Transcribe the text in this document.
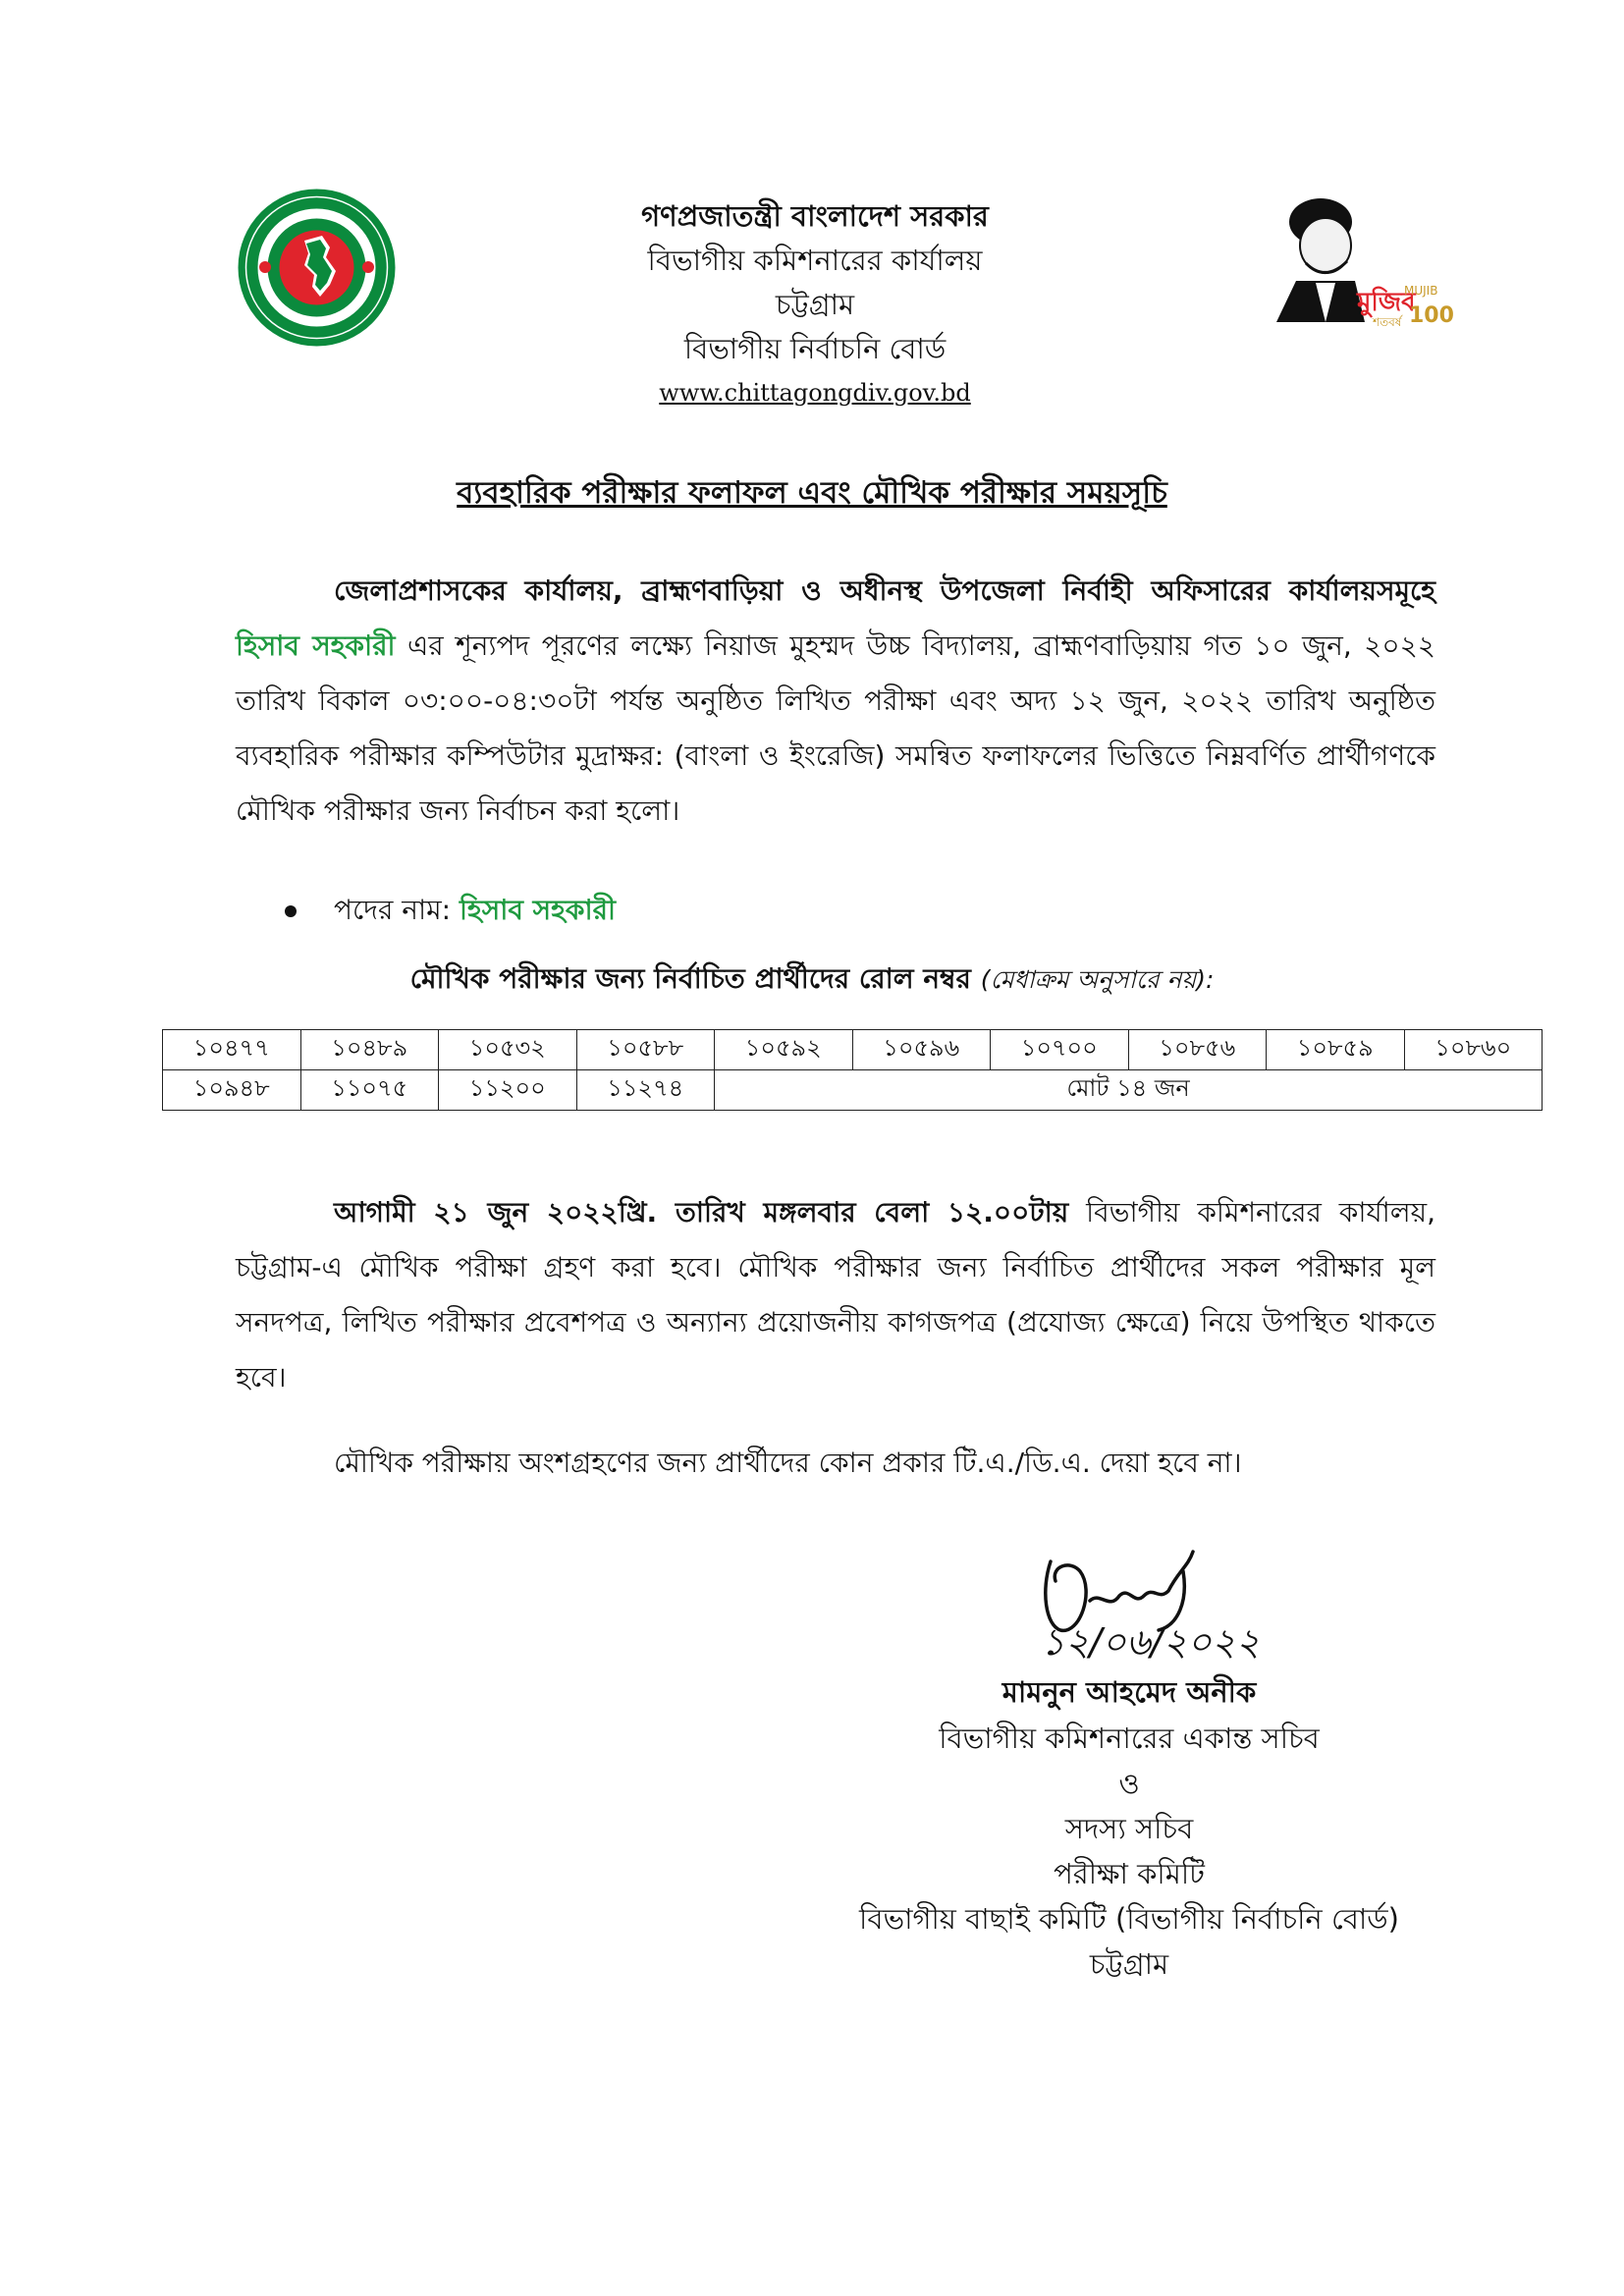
মুজিব
MUJIB
শতবর্ষ 100
গণপ্রজাতন্ত্রী বাংলাদেশ সরকার
বিভাগীয় কমিশনারের কার্যালয়
চট্টগ্রাম
বিভাগীয় নির্বাচনি বোর্ড
www.chittagongdiv.gov.bd
ব্যবহারিক পরীক্ষার ফলাফল এবং মৌখিক পরীক্ষার সময়সূচি
জেলাপ্রশাসকের কার্যালয়, ব্রাহ্মণবাড়িয়া ও অধীনস্থ উপজেলা নির্বাহী অফিসারের কার্যালয়সমূহে হিসাব সহকারী এর শূন্যপদ পূরণের লক্ষ্যে নিয়াজ মুহম্মদ উচ্চ বিদ্যালয়, ব্রাহ্মণবাড়িয়ায় গত ১০ জুন, ২০২২ তারিখ বিকাল ০৩:০০-০৪:৩০টা পর্যন্ত অনুষ্ঠিত লিখিত পরীক্ষা এবং অদ্য ১২ জুন, ২০২২ তারিখ অনুষ্ঠিত ব্যবহারিক পরীক্ষার কম্পিউটার মুদ্রাক্ষর: (বাংলা ও ইংরেজি) সমন্বিত ফলাফলের ভিত্তিতে নিম্নবর্ণিত প্রার্থীগণকে মৌখিক পরীক্ষার জন্য নির্বাচন করা হলো।
পদের নাম: হিসাব সহকারী
মৌখিক পরীক্ষার জন্য নির্বাচিত প্রার্থীদের রোল নম্বর (মেধাক্রম অনুসারে নয়):
১০৪৭৭	১০৪৮৯	১০৫৩২	১০৫৮৮	১০৫৯২	১০৫৯৬	১০৭০০	১০৮৫৬	১০৮৫৯	১০৮৬০
১০৯৪৮	১১০৭৫	১১২০০	১১২৭৪	মোট ১৪ জন					
আগামী ২১ জুন ২০২২খ্রি. তারিখ মঙ্গলবার বেলা ১২.০০টায় বিভাগীয় কমিশনারের কার্যালয়, চট্টগ্রাম-এ মৌখিক পরীক্ষা গ্রহণ করা হবে। মৌখিক পরীক্ষার জন্য নির্বাচিত প্রার্থীদের সকল পরীক্ষার মূল সনদপত্র, লিখিত পরীক্ষার প্রবেশপত্র ও অন্যান্য প্রয়োজনীয় কাগজপত্র (প্রযোজ্য ক্ষেত্রে) নিয়ে উপস্থিত থাকতে হবে।
মৌখিক পরীক্ষায় অংশগ্রহণের জন্য প্রার্থীদের কোন প্রকার টি.এ./ডি.এ. দেয়া হবে না।
১২/০৬/২০২২
মামনুন আহমেদ অনীক
বিভাগীয় কমিশনারের একান্ত সচিব
ও
সদস্য সচিব
পরীক্ষা কমিটি
বিভাগীয় বাছাই কমিটি (বিভাগীয় নির্বাচনি বোর্ড)
চট্টগ্রাম
